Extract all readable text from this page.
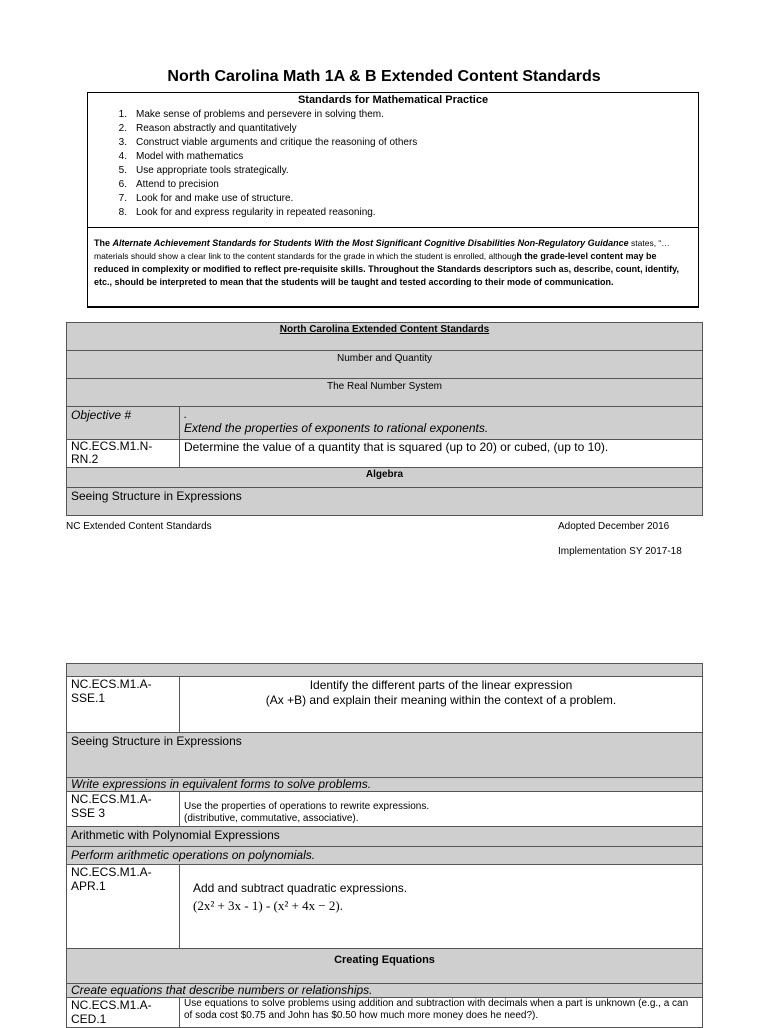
North Carolina Math 1A & B Extended Content Standards
Standards for Mathematical Practice
1. Make sense of problems and persevere in solving them.
2. Reason abstractly and quantitatively
3. Construct viable arguments and critique the reasoning of others
4. Model with mathematics
5. Use appropriate tools strategically.
6. Attend to precision
7. Look for and make use of structure.
8. Look for and express regularity in repeated reasoning.
The Alternate Achievement Standards for Students With the Most Significant Cognitive Disabilities Non-Regulatory Guidance states, “…materials should show a clear link to the content standards for the grade in which the student is enrolled, although the grade-level content may be reduced in complexity or modified to reflect pre-requisite skills. Throughout the Standards descriptors such as, describe, count, identify, etc., should be interpreted to mean that the students will be taught and tested according to their mode of communication.
North Carolina Extended Content Standards	
Number and Quantity	
The Real Number System	
Objective #	.
Extend the properties of exponents to rational exponents.

NC.ECS.M1.N-RN.2	Determine the value of a quantity that is squared (up to 20) or cubed, (up to 10).
Algebra	
Seeing Structure in Expressions	
NC Extended Content Standards	Adopted December 2016
Implementation SY 2017-18

NC.ECS.M1.A-SSE.1	Identify the different parts of the linear expression
(Ax +B) and explain their meaning within the context of a problem.

Seeing Structure in Expressions	
Write expressions in equivalent forms to solve problems.	
NC.ECS.M1.A-SSE 3	Use the properties of operations to rewrite expressions.
(distributive, commutative, associative).

Arithmetic with Polynomial Expressions	
Perform arithmetic operations on polynomials.	
NC.ECS.M1.A-APR.1	Add and subtract quadratic expressions.
(2x² + 3x - 1) - (x² + 4x − 2).

Creating Equations	
Create equations that describe numbers or relationships.	
NC.ECS.M1.A-CED.1	Use equations to solve problems using addition and subtraction with decimals when a part is unknown (e.g., a can of soda cost $0.75 and John has $0.50 how much more money does he need?).
